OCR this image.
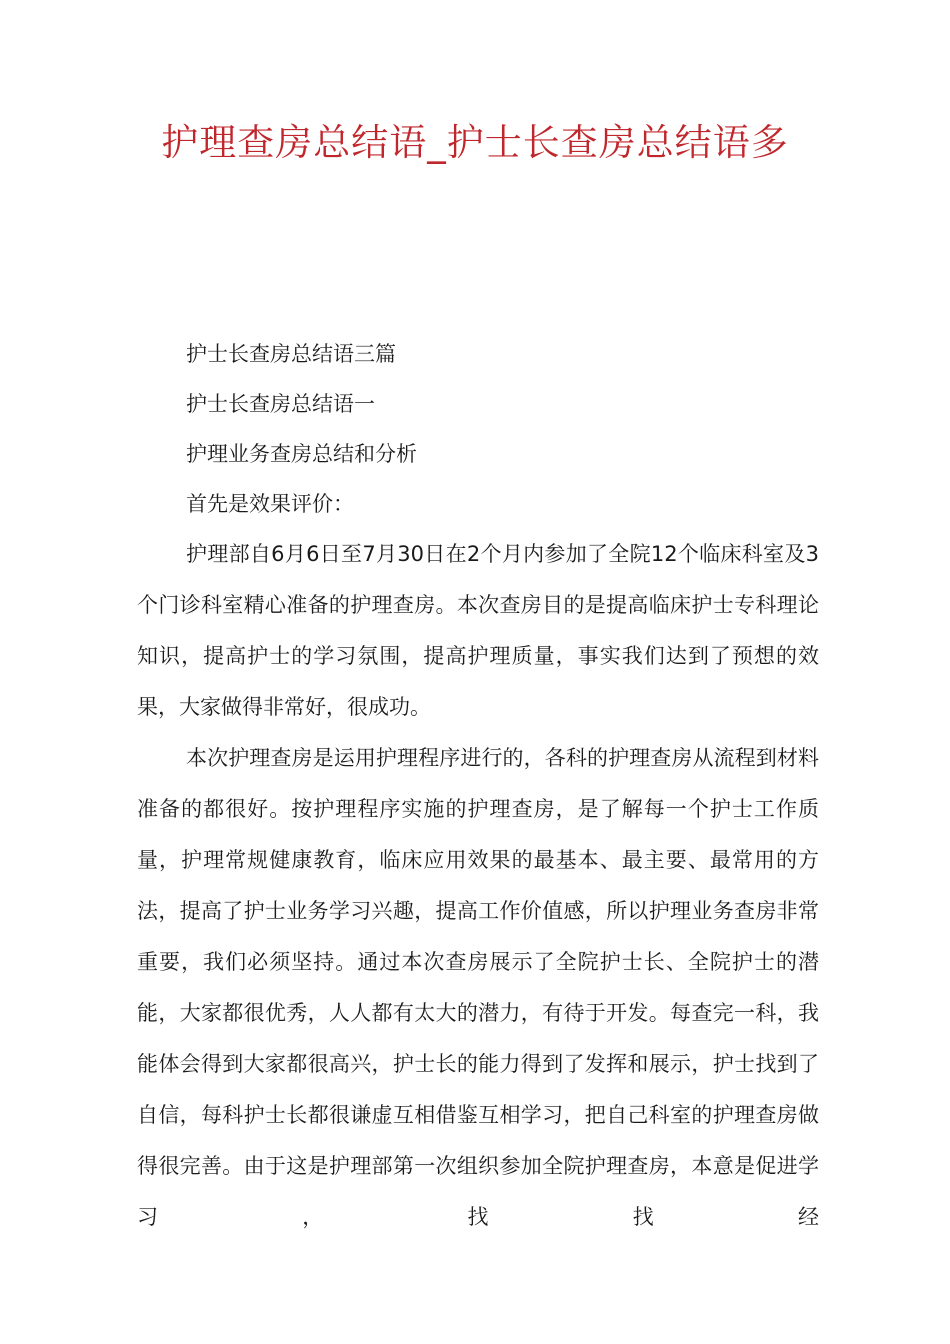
护理查房总结语_护士长查房总结语多
护士长查房总结语三篇
护士长查房总结语一
护理业务查房总结和分析
首先是效果评价：

护理部自6月6日至7月30日在2个月内参加了全院12个临床科室及3个门诊科室精心准备的护理查房。本次查房目的是提高临床护士专科理论知识，提高护士的学习氛围，提高护理质量，事实我们达到了预想的效果，大家做得非常好，很成功。

本次护理查房是运用护理程序进行的，各科的护理查房从流程到材料准备的都很好。按护理程序实施的护理查房，是了解每一个护士工作质量，护理常规健康教育，临床应用效果的最基本、最主要、最常用的方法，提高了护士业务学习兴趣，提高工作价值感，所以护理业务查房非常重要，我们必须坚持。通过本次查房展示了全院护士长、全院护士的潜能，大家都很优秀，人人都有太大的潜力，有待于开发。每查完一科，我能体会得到大家都很高兴，护士长的能力得到了发挥和展示，护士找到了自信，每科护士长都很谦虚互相借鉴互相学习，把自己科室的护理查房做得很完善。由于这是护理部第一次组织参加全院护理查房，本意是促进学习，找找经
